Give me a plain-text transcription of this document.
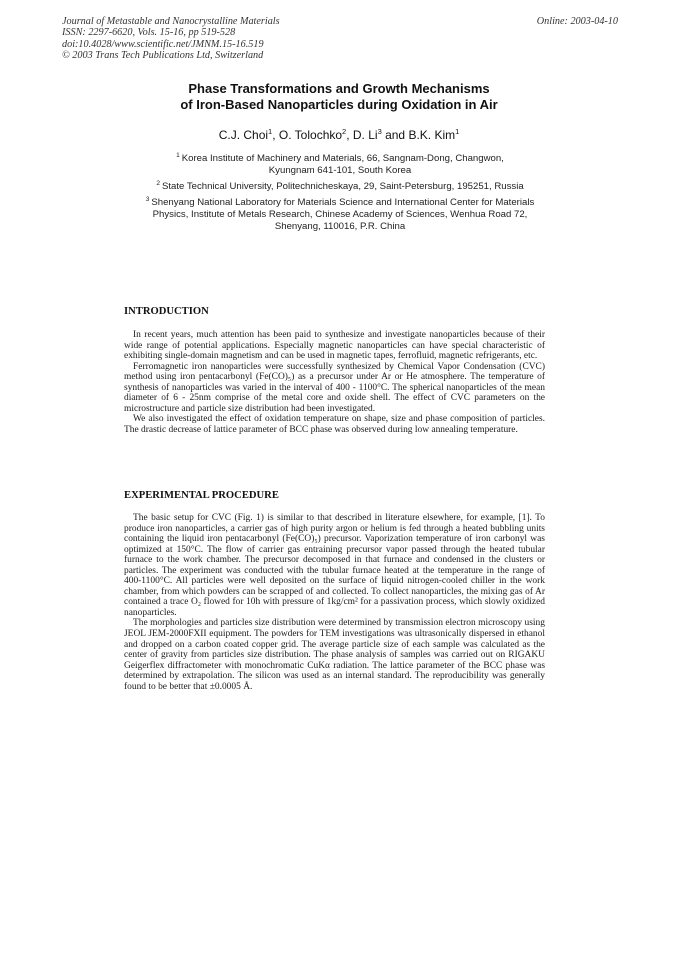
Journal of Metastable and Nanocrystalline Materials
ISSN: 2297-6620, Vols. 15-16, pp 519-528
doi:10.4028/www.scientific.net/JMNM.15-16.519
© 2003 Trans Tech Publications Ltd, Switzerland
Online: 2003-04-10
Phase Transformations and Growth Mechanisms
of Iron-Based Nanoparticles during Oxidation in Air
C.J. Choi$^1$, O. Tolochko$^2$, D. Li$^3$ and B.K. Kim$^1$
$^1$ Korea Institute of Machinery and Materials, 66, Sangnam-Dong, Changwon,
Kyungnam 641-101, South Korea
$^2$ State Technical University, Politechnicheskaya, 29, Saint-Petersburg, 195251, Russia
$^3$ Shenyang National Laboratory for Materials Science and International Center for Materials
Physics, Institute of Metals Research, Chinese Academy of Sciences, Wenhua Road 72,
Shenyang, 110016, P.R. China
INTRODUCTION

In recent years, much attention has been paid to synthesize and investigate nanoparticles because of their wide range of potential applications. Especially magnetic nanoparticles can have special characteristic of exhibiting single-domain magnetism and can be used in magnetic tapes, ferrofluid, magnetic refrigerants, etc.

Ferromagnetic iron nanoparticles were successfully synthesized by Chemical Vapor Condensation (CVC) method using iron pentacarbonyl (Fe(CO)₅) as a precursor under Ar or He atmosphere. The temperature of synthesis of nanoparticles was varied in the interval of 400 - 1100°C. The spherical nanoparticles of the mean diameter of 6 - 25nm comprise of the metal core and oxide shell. The effect of CVC parameters on the microstructure and particle size distribution had been investigated.

We also investigated the effect of oxidation temperature on shape, size and phase composition of particles. The drastic decrease of lattice parameter of BCC phase was observed during low annealing temperature.

EXPERIMENTAL PROCEDURE

The basic setup for CVC (Fig. 1) is similar to that described in literature elsewhere, for example, [1]. To produce iron nanoparticles, a carrier gas of high purity argon or helium is fed through a heated bubbling units containing the liquid iron pentacarbonyl (Fe(CO)₅) precursor. Vaporization temperature of iron carbonyl was optimized at 150°C. The flow of carrier gas entraining precursor vapor passed through the heated tubular furnace to the work chamber. The precursor decomposed in that furnace and condensed in the clusters or particles. The experiment was conducted with the tubular furnace heated at the temperature in the range of 400-1100°C. All particles were well deposited on the surface of liquid nitrogen-cooled chiller in the work chamber, from which powders can be scrapped of and collected. To collect nanoparticles, the mixing gas of Ar contained a trace O₂ flowed for 10h with pressure of 1kg/cm² for a passivation process, which slowly oxidized nanoparticles.

The morphologies and particles size distribution were determined by transmission electron microscopy using JEOL JEM-2000FXII equipment. The powders for TEM investigations was ultrasonically dispersed in ethanol and dropped on a carbon coated copper grid. The average particle size of each sample was calculated as the center of gravity from particles size distribution. The phase analysis of samples was carried out on RIGAKU Geigerflex diffractometer with monochromatic CuKα radiation. The lattice parameter of the BCC phase was determined by extrapolation. The silicon was used as an internal standard. The reproducibility was generally found to be better that ±0.0005 Å.
